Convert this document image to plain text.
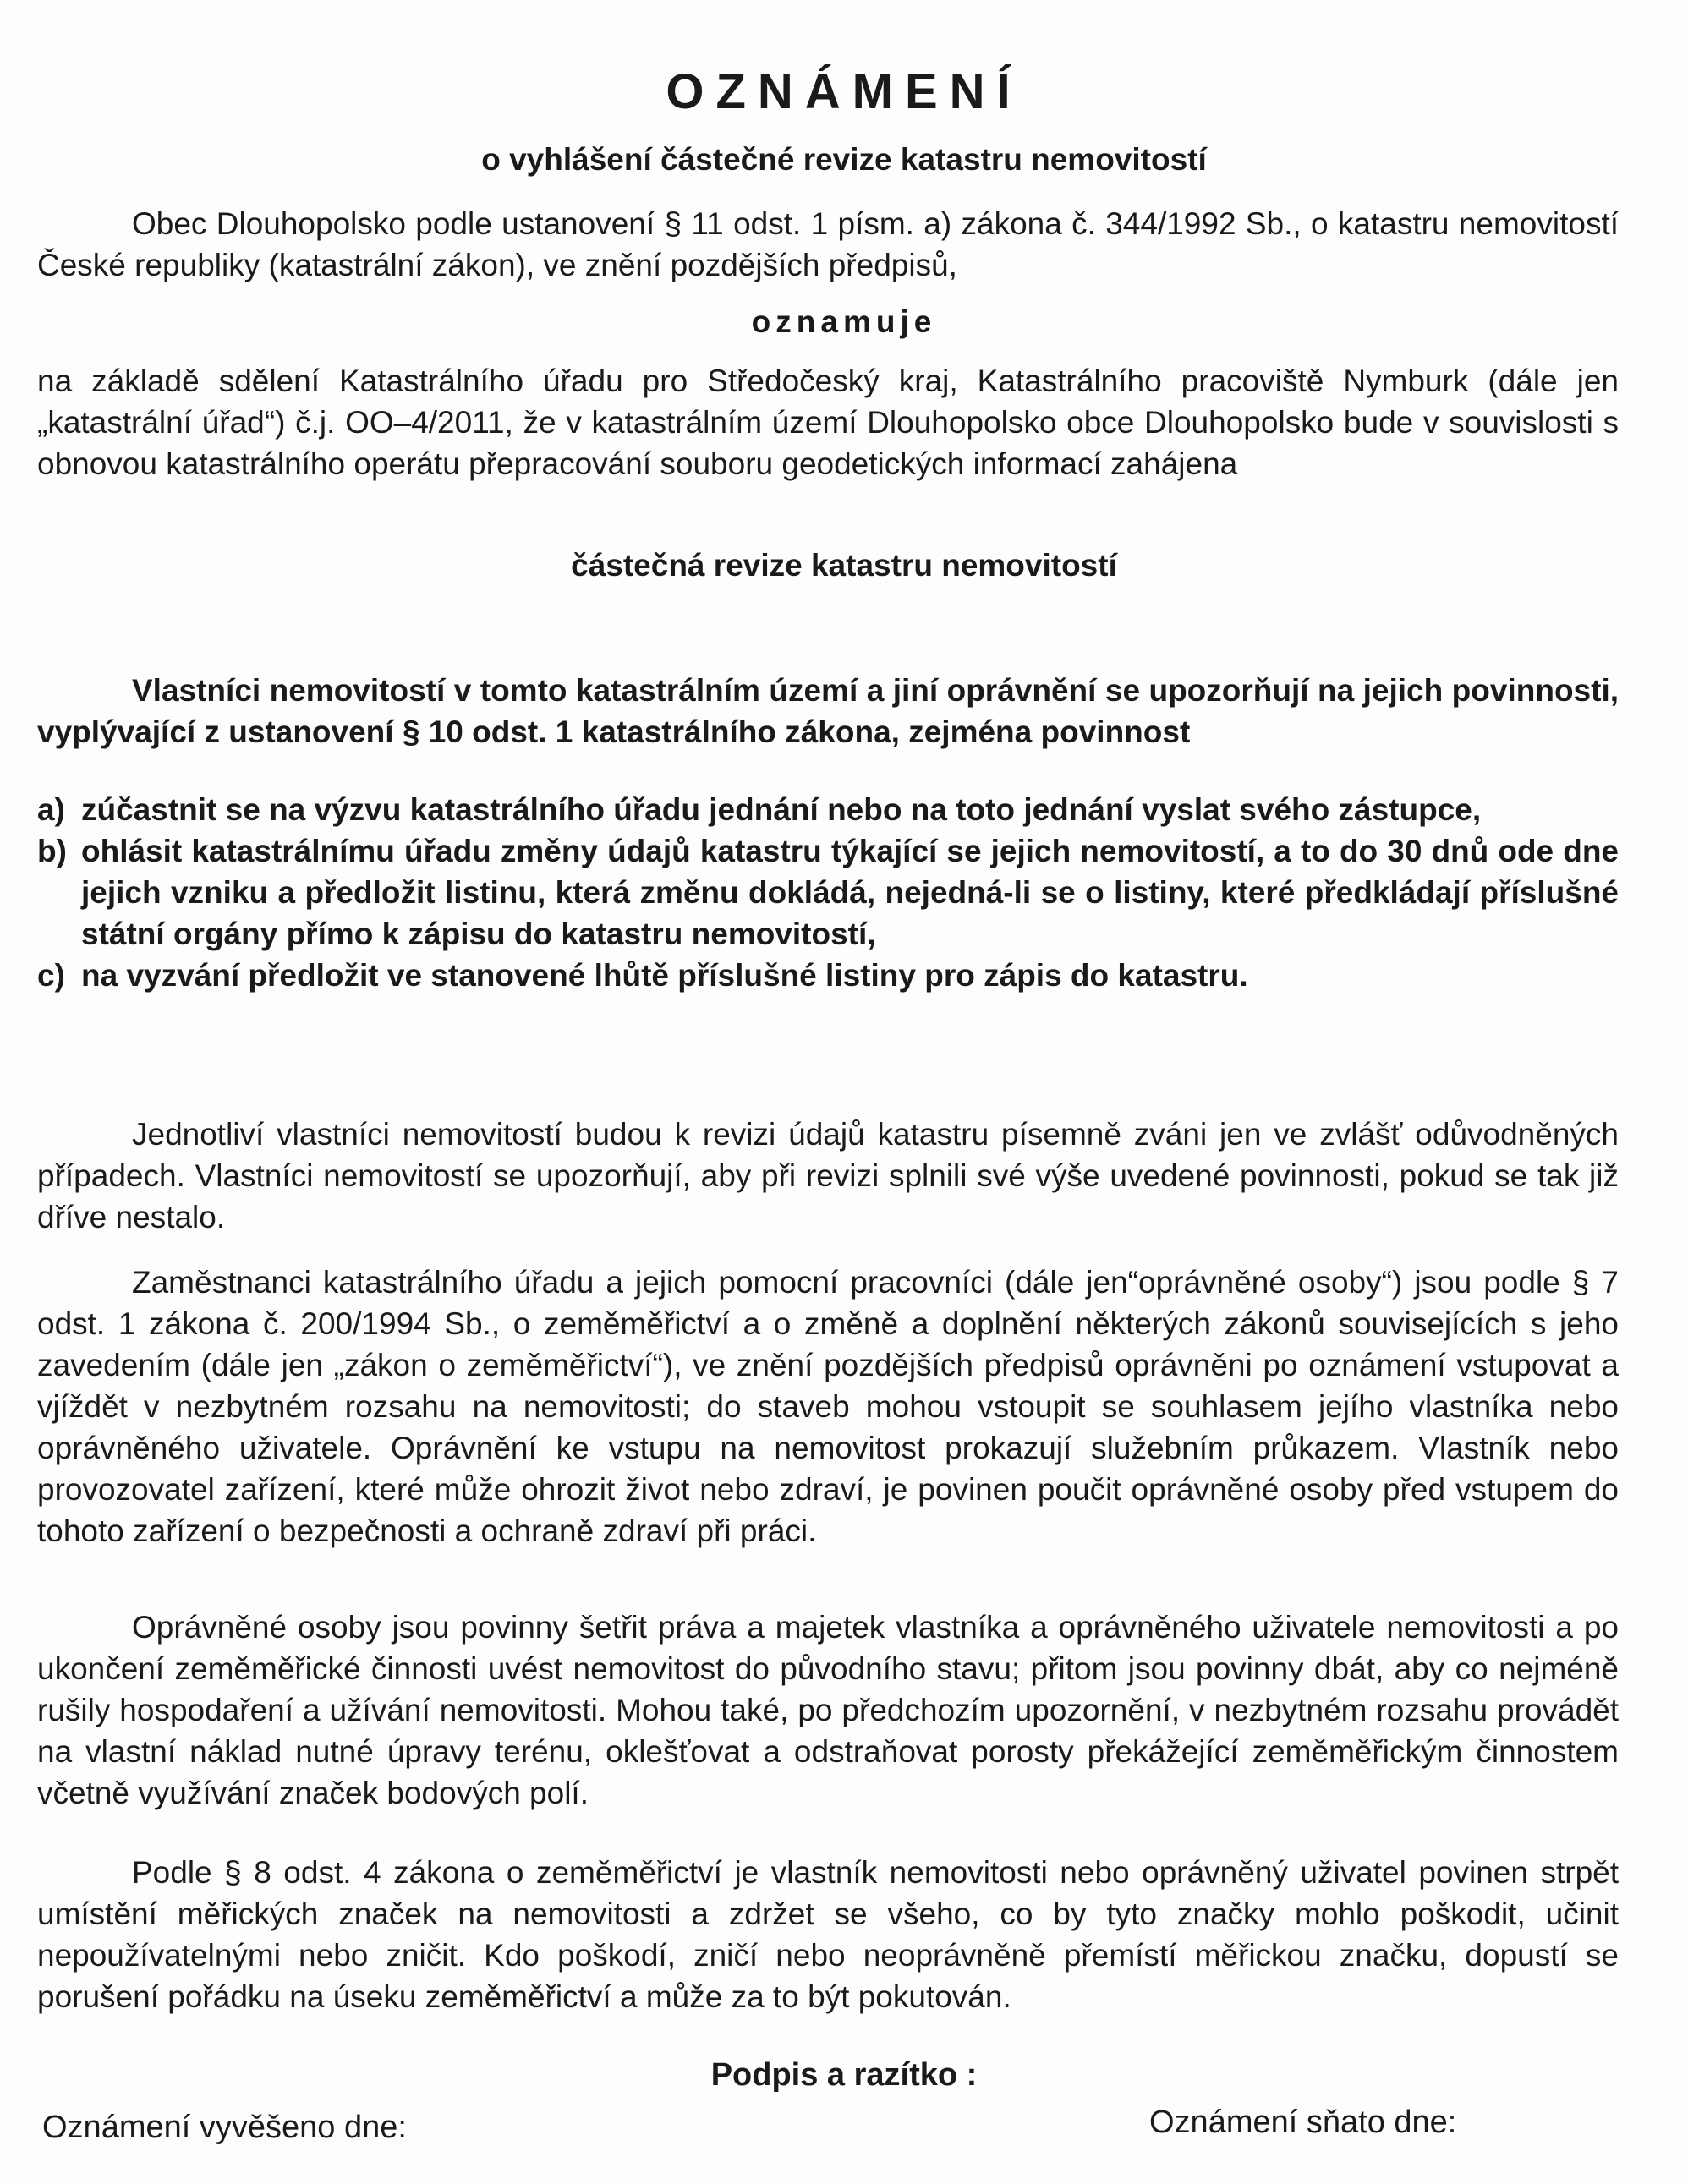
OZNÁMENÍ
o vyhlášení částečné revize katastru nemovitostí

Obec Dlouhopolsko podle ustanovení § 11 odst. 1 písm. a) zákona č. 344/1992 Sb., o katastru nemovitostí České republiky (katastrální zákon), ve znění pozdějších předpisů,

oznamuje

na základě sdělení Katastrálního úřadu pro Středočeský kraj, Katastrálního pracoviště Nymburk (dále jen „katastrální úřad“) č.j. OO–4/2011, že v katastrálním území Dlouhopolsko obce Dlouhopolsko bude v souvislosti s obnovou katastrálního operátu přepracování souboru geodetických informací zahájena

částečná revize katastru nemovitostí

Vlastníci nemovitostí v tomto katastrálním území a jiní oprávnění se upozorňují na jejich povinnosti, vyplývající z ustanovení § 10 odst. 1 katastrálního zákona, zejména povinnost

a) zúčastnit se na výzvu katastrálního úřadu jednání nebo na toto jednání vyslat svého zástupce,
b) ohlásit katastrálnímu úřadu změny údajů katastru týkající se jejich nemovitostí, a to do 30 dnů ode dne jejich vzniku a předložit listinu, která změnu dokládá, nejedná-li se o listiny, které předkládají příslušné státní orgány přímo k zápisu do katastru nemovitostí,
c) na vyzvání předložit ve stanovené lhůtě příslušné listiny pro zápis do katastru.

Jednotliví vlastníci nemovitostí budou k revizi údajů katastru písemně zváni jen ve zvlášť odůvodněných případech. Vlastníci nemovitostí se upozorňují, aby při revizi splnili své výše uvedené povinnosti, pokud se tak již dříve nestalo.

Zaměstnanci katastrálního úřadu a jejich pomocní pracovníci (dále jen“oprávněné osoby“) jsou podle § 7 odst. 1 zákona č. 200/1994 Sb., o zeměměřictví a o změně a doplnění některých zákonů souvisejících s jeho zavedením (dále jen „zákon o zeměměřictví“), ve znění pozdějších předpisů oprávněni po oznámení vstupovat a vjíždět v nezbytném rozsahu na nemovitosti; do staveb mohou vstoupit se souhlasem jejího vlastníka nebo oprávněného uživatele. Oprávnění ke vstupu na nemovitost prokazují služebním průkazem. Vlastník nebo provozovatel zařízení, které může ohrozit život nebo zdraví, je povinen poučit oprávněné osoby před vstupem do tohoto zařízení o bezpečnosti a ochraně zdraví při práci.

Oprávněné osoby jsou povinny šetřit práva a majetek vlastníka a oprávněného uživatele nemovitosti a po ukončení zeměměřické činnosti uvést nemovitost do původního stavu; přitom jsou povinny dbát, aby co nejméně rušily hospodaření a užívání nemovitosti. Mohou také, po předchozím upozornění, v nezbytném rozsahu provádět na vlastní náklad nutné úpravy terénu, oklešťovat a odstraňovat porosty překážející zeměměřickým činnostem včetně využívání značek bodových polí.

Podle § 8 odst. 4 zákona o zeměměřictví je vlastník nemovitosti nebo oprávněný uživatel povinen strpět umístění měřických značek na nemovitosti a zdržet se všeho, co by tyto značky mohlo poškodit, učinit nepoužívatelnými nebo zničit. Kdo poškodí, zničí nebo neoprávněně přemístí měřickou značku, dopustí se porušení pořádku na úseku zeměměřictví a může za to být pokutován.

Podpis a razítko :
Oznámení vyvěšeno dne:	Oznámení sňato dne:
